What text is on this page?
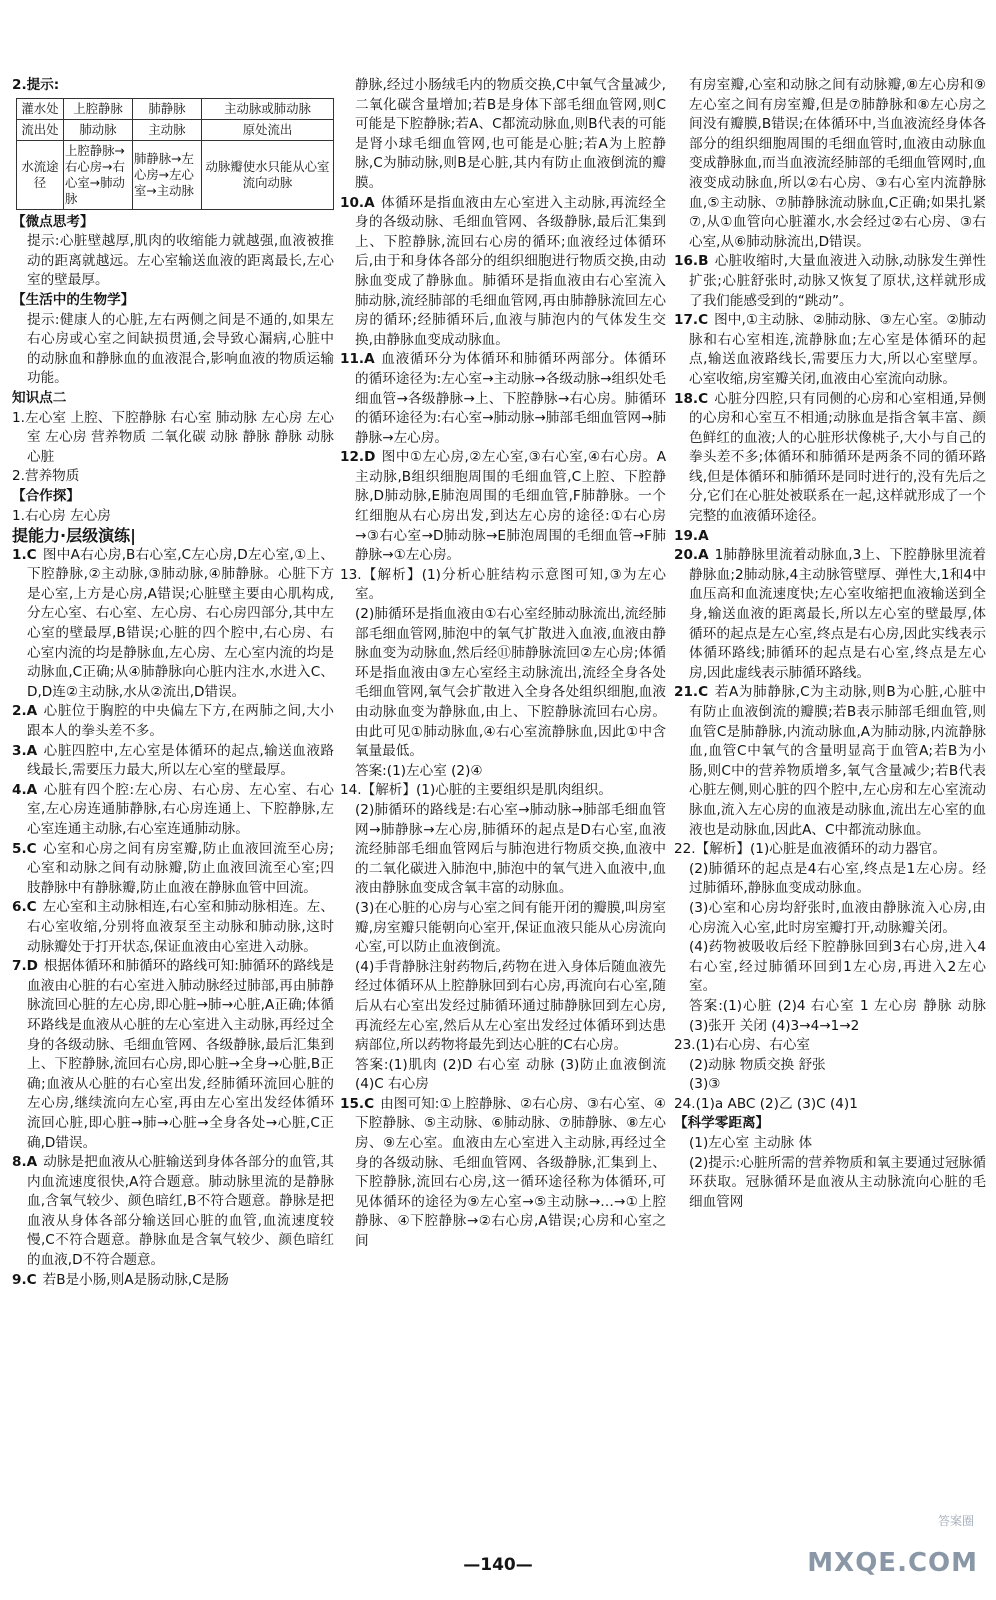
2.提示:

灌水处	上腔静脉	肺静脉	主动脉或肺动脉
流出处	肺动脉	主动脉	原处流出
水流途径	上腔静脉→右心房→右心室→肺动脉	肺静脉→左心房→左心室→主动脉	动脉瓣使水只能从心室流向动脉

【微点思考】

提示:心脏壁越厚,肌肉的收缩能力就越强,血液被推动的距离就越远。左心室输送血液的距离最长,左心室的壁最厚。

【生活中的生物学】

提示:健康人的心脏,左右两侧之间是不通的,如果左右心房或心室之间缺损贯通,会导致心漏病,心脏中的动脉血和静脉血的血液混合,影响血液的物质运输功能。

知识点二

1.左心室 上腔、下腔静脉 右心室 肺动脉 左心房 左心室 左心房 营养物质 二氧化碳 动脉 静脉 静脉 动脉 心脏

2.营养物质

【合作探】

1.右心房 左心房

提能力·层级演练|

1.C 图中A右心房,B右心室,C左心房,D左心室,①上、下腔静脉,②主动脉,③肺动脉,④肺静脉。心脏下方是心室,上方是心房,A错误;心脏壁主要由心肌构成,分左心室、右心室、左心房、右心房四部分,其中左心室的壁最厚,B错误;心脏的四个腔中,右心房、右心室内流的均是静脉血,左心房、左心室内流的均是动脉血,C正确;从④肺静脉向心脏内注水,水进入C、D,D连②主动脉,水从②流出,D错误。

2.A 心脏位于胸腔的中央偏左下方,在两肺之间,大小跟本人的拳头差不多。

3.A 心脏四腔中,左心室是体循环的起点,输送血液路线最长,需要压力最大,所以左心室的壁最厚。

4.A 心脏有四个腔:左心房、右心房、左心室、右心室,左心房连通肺静脉,右心房连通上、下腔静脉,左心室连通主动脉,右心室连通肺动脉。

5.C 心室和心房之间有房室瓣,防止血液回流至心房;心室和动脉之间有动脉瓣,防止血液回流至心室;四肢静脉中有静脉瓣,防止血液在静脉血管中回流。

6.C 左心室和主动脉相连,右心室和肺动脉相连。左、右心室收缩,分别将血液泵至主动脉和肺动脉,这时动脉瓣处于打开状态,保证血液由心室进入动脉。

7.D 根据体循环和肺循环的路线可知:肺循环的路线是血液由心脏的右心室进入肺动脉经过肺部,再由肺静脉流回心脏的左心房,即心脏→肺→心脏,A正确;体循环路线是血液从心脏的左心室进入主动脉,再经过全身的各级动脉、毛细血管网、各级静脉,最后汇集到上、下腔静脉,流回右心房,即心脏→全身→心脏,B正确;血液从心脏的右心室出发,经肺循环流回心脏的左心房,继续流向左心室,再由左心室出发经体循环流回心脏,即心脏→肺→心脏→全身各处→心脏,C正确,D错误。

8.A 动脉是把血液从心脏输送到身体各部分的血管,其内血流速度很快,A符合题意。肺动脉里流的是静脉血,含氧气较少、颜色暗红,B不符合题意。静脉是把血液从身体各部分输送回心脏的血管,血流速度较慢,C不符合题意。静脉血是含氧气较少、颜色暗红的血液,D不符合题意。

9.C 若B是小肠,则A是肠动脉,C是肠

静脉,经过小肠绒毛内的物质交换,C中氧气含量减少,二氧化碳含量增加;若B是身体下部毛细血管网,则C可能是下腔静脉;若A、C都流动脉血,则B代表的可能是肾小球毛细血管网,也可能是心脏;若A为上腔静脉,C为肺动脉,则B是心脏,其内有防止血液倒流的瓣膜。

10.A 体循环是指血液由左心室进入主动脉,再流经全身的各级动脉、毛细血管网、各级静脉,最后汇集到上、下腔静脉,流回右心房的循环;血液经过体循环后,由于和身体各部分的组织细胞进行物质交换,由动脉血变成了静脉血。肺循环是指血液由右心室流入肺动脉,流经肺部的毛细血管网,再由肺静脉流回左心房的循环;经肺循环后,血液与肺泡内的气体发生交换,由静脉血变成动脉血。

11.A 血液循环分为体循环和肺循环两部分。体循环的循环途径为:左心室→主动脉→各级动脉→组织处毛细血管→各级静脉→上、下腔静脉→右心房。肺循环的循环途径为:右心室→肺动脉→肺部毛细血管网→肺静脉→左心房。

12.D 图中①左心房,②左心室,③右心室,④右心房。A主动脉,B组织细胞周围的毛细血管,C上腔、下腔静脉,D肺动脉,E肺泡周围的毛细血管,F肺静脉。一个红细胞从右心房出发,到达左心房的途径:①右心房→③右心室→D肺动脉→E肺泡周围的毛细血管→F肺静脉→①左心房。

13.【解析】(1)分析心脏结构示意图可知,③为左心室。

(2)肺循环是指血液由①右心室经肺动脉流出,流经肺部毛细血管网,肺泡中的氧气扩散进入血液,血液由静脉血变为动脉血,然后经⑪肺静脉流回②左心房;体循环是指血液由③左心室经主动脉流出,流经全身各处毛细血管网,氧气会扩散进入全身各处组织细胞,血液由动脉血变为静脉血,由上、下腔静脉流回右心房。由此可见①肺动脉血,④右心室流静脉血,因此①中含氧量最低。

答案:(1)左心室 (2)④

14.【解析】(1)心脏的主要组织是肌肉组织。

(2)肺循环的路线是:右心室→肺动脉→肺部毛细血管网→肺静脉→左心房,肺循环的起点是D右心室,血液流经肺部毛细血管网后与肺泡进行物质交换,血液中的二氧化碳进入肺泡中,肺泡中的氧气进入血液中,血液由静脉血变成含氧丰富的动脉血。

(3)在心脏的心房与心室之间有能开闭的瓣膜,叫房室瓣,房室瓣只能朝向心室开,保证血液只能从心房流向心室,可以防止血液倒流。

(4)手背静脉注射药物后,药物在进入身体后随血液先经过体循环从上腔静脉回到右心房,再流向右心室,随后从右心室出发经过肺循环通过肺静脉回到左心房,再流经左心室,然后从左心室出发经过体循环到达患病部位,所以药物将最先到达心脏的C右心房。

答案:(1)肌肉 (2)D 右心室 动脉 (3)防止血液倒流 (4)C 右心房

15.C 由图可知:①上腔静脉、②右心房、③右心室、④下腔静脉、⑤主动脉、⑥肺动脉、⑦肺静脉、⑧左心房、⑨左心室。血液由左心室进入主动脉,再经过全身的各级动脉、毛细血管网、各级静脉,汇集到上、下腔静脉,流回右心房,这一循环途径称为体循环,可见体循环的途径为⑨左心室→⑤主动脉→…→①上腔静脉、④下腔静脉→②右心房,A错误;心房和心室之间

有房室瓣,心室和动脉之间有动脉瓣,⑧左心房和⑨左心室之间有房室瓣,但是⑦肺静脉和⑧左心房之间没有瓣膜,B错误;在体循环中,当血液流经身体各部分的组织细胞周围的毛细血管时,血液由动脉血变成静脉血,而当血液流经肺部的毛细血管网时,血液变成动脉血,所以②右心房、③右心室内流静脉血,⑤主动脉、⑦肺静脉流动脉血,C正确;如果扎紧⑦,从①血管向心脏灌水,水会经过②右心房、③右心室,从⑥肺动脉流出,D错误。

16.B 心脏收缩时,大量血液进入动脉,动脉发生弹性扩张;心脏舒张时,动脉又恢复了原状,这样就形成了我们能感受到的“跳动”。

17.C 图中,①主动脉、②肺动脉、③左心室。②肺动脉和右心室相连,流静脉血;左心室是体循环的起点,输送血液路线长,需要压力大,所以心室壁厚。心室收缩,房室瓣关闭,血液由心室流向动脉。

18.C 心脏分四腔,只有同侧的心房和心室相通,异侧的心房和心室互不相通;动脉血是指含氧丰富、颜色鲜红的血液;人的心脏形状像桃子,大小与自己的拳头差不多;体循环和肺循环是两条不同的循环路线,但是体循环和肺循环是同时进行的,没有先后之分,它们在心脏处被联系在一起,这样就形成了一个完整的血液循环途径。

19.A

20.A 1肺静脉里流着动脉血,3上、下腔静脉里流着静脉血;2肺动脉,4主动脉管壁厚、弹性大,1和4中血压高和血流速度快;左心室收缩把血液输送到全身,输送血液的距离最长,所以左心室的壁最厚,体循环的起点是左心室,终点是右心房,因此实线表示体循环路线;肺循环的起点是右心室,终点是左心房,因此虚线表示肺循环路线。

21.C 若A为肺静脉,C为主动脉,则B为心脏,心脏中有防止血液倒流的瓣膜;若B表示肺部毛细血管,则血管C是肺静脉,内流动脉血,A为肺动脉,内流静脉血,血管C中氧气的含量明显高于血管A;若B为小肠,则C中的营养物质增多,氧气含量减少;若B代表心脏左侧,则心脏的四个腔中,左心房和左心室流动脉血,流入左心房的血液是动脉血,流出左心室的血液也是动脉血,因此A、C中都流动脉血。

22.【解析】(1)心脏是血液循环的动力器官。

(2)肺循环的起点是4右心室,终点是1左心房。经过肺循环,静脉血变成动脉血。

(3)心室和心房均舒张时,血液由静脉流入心房,由心房流入心室,此时房室瓣打开,动脉瓣关闭。

(4)药物被吸收后经下腔静脉回到3右心房,进入4右心室,经过肺循环回到1左心房,再进入2左心室。

答案:(1)心脏 (2)4 右心室 1 左心房 静脉 动脉 (3)张开 关闭 (4)3→4→1→2

23.(1)右心房、右心室

(2)动脉 物质交换 舒张

(3)③

24.(1)a ABC (2)乙 (3)C (4)1

【科学零距离】

(1)左心室 主动脉 体

(2)提示:心脏所需的营养物质和氧主要通过冠脉循环获取。冠脉循环是血液从主动脉流向心脏的毛细血管网

—140—
答案圈
MXQE.COM
